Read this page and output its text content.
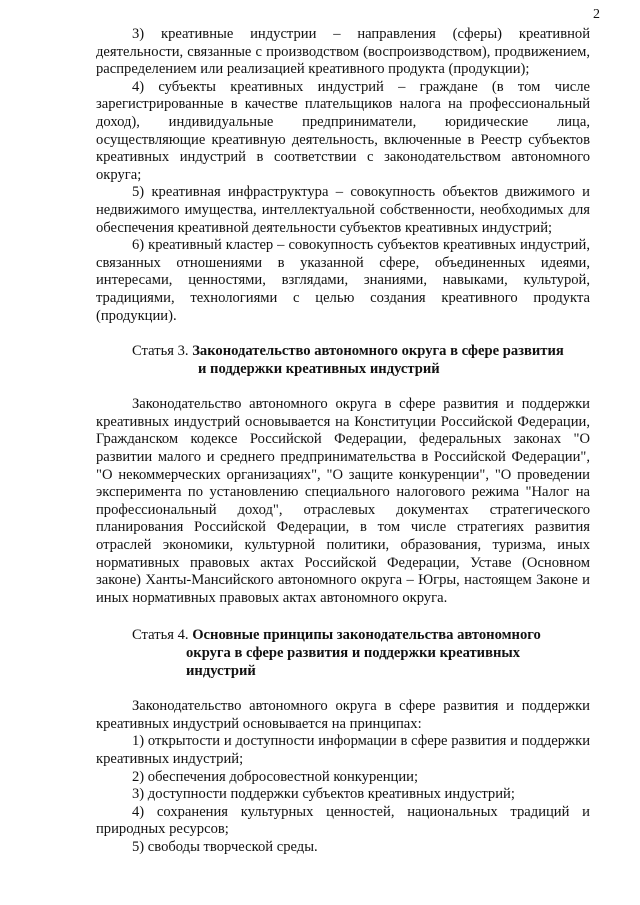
2

3) креативные индустрии – направления (сферы) креативной деятельности, связанные с производством (воспроизводством), продвижением, распределением или реализацией креативного продукта (продукции);

4) субъекты креативных индустрий – граждане (в том числе зарегистрированные в качестве плательщиков налога на профессиональный доход), индивидуальные предприниматели, юридические лица, осуществляющие креативную деятельность, включенные в Реестр субъектов креативных индустрий в соответствии с законодательством автономного округа;

5) креативная инфраструктура – совокупность объектов движимого и недвижимого имущества, интеллектуальной собственности, необходимых для обеспечения креативной деятельности субъектов креативных индустрий;

6) креативный кластер – совокупность субъектов креативных индустрий, связанных отношениями в указанной сфере, объединенных идеями, интересами, ценностями, взглядами, знаниями, навыками, культурой, традициями, технологиями с целью создания креативного продукта (продукции).

Статья 3. Законодательство автономного округа в сфере развития
и поддержки креативных индустрий

Законодательство автономного округа в сфере развития и поддержки креативных индустрий основывается на Конституции Российской Федерации, Гражданском кодексе Российской Федерации, федеральных законах "О развитии малого и среднего предпринимательства в Российской Федерации", "О некоммерческих организациях", "О защите конкуренции", "О проведении эксперимента по установлению специального налогового режима "Налог на профессиональный доход", отраслевых документах стратегического планирования Российской Федерации, в том числе стратегиях развития отраслей экономики, культурной политики, образования, туризма, иных нормативных правовых актах Российской Федерации, Уставе (Основном законе) Ханты-Мансийского автономного округа – Югры, настоящем Законе и иных нормативных правовых актах автономного округа.

Статья 4. Основные принципы законодательства автономного
округа в сфере развития и поддержки креативных
индустрий

Законодательство автономного округа в сфере развития и поддержки креативных индустрий основывается на принципах:

1) открытости и доступности информации в сфере развития и поддержки креативных индустрий;

2) обеспечения добросовестной конкуренции;

3) доступности поддержки субъектов креативных индустрий;

4) сохранения культурных ценностей, национальных традиций и природных ресурсов;

5) свободы творческой среды.
